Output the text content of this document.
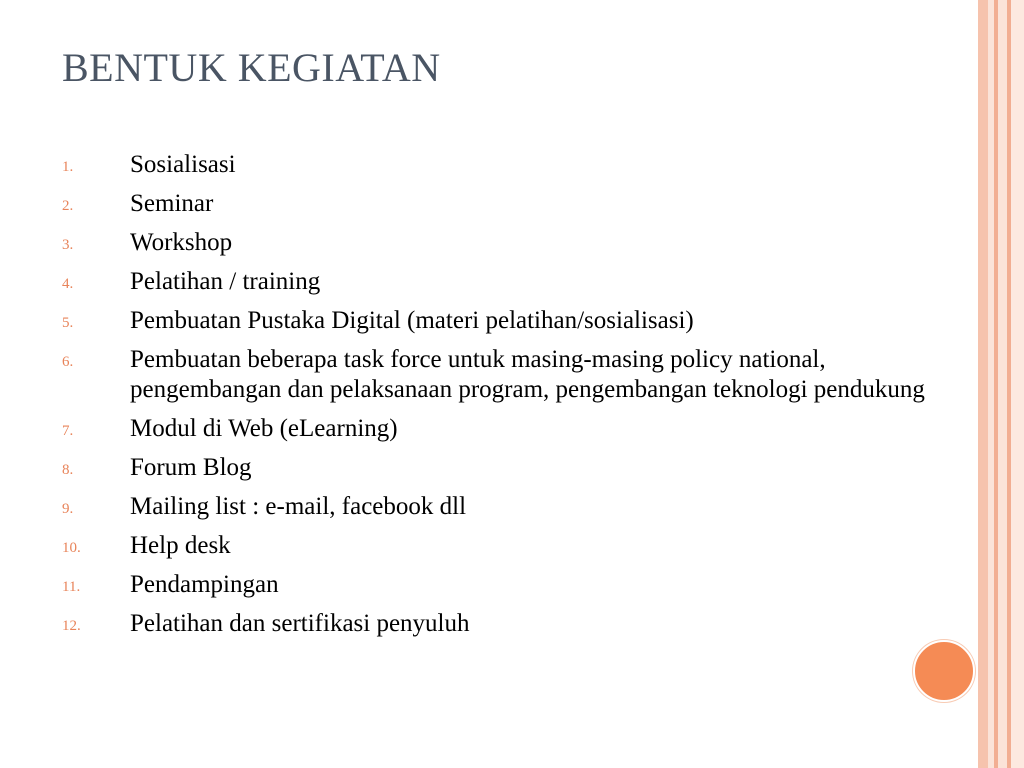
BENTUK KEGIATAN
1.	Sosialisasi
2.	Seminar
3.	Workshop
4.	Pelatihan / training
5.	Pembuatan Pustaka Digital (materi pelatihan/sosialisasi)
6.	Pembuatan beberapa task force untuk masing-masing policy national, pengembangan dan pelaksanaan program, pengembangan teknologi pendukung
7.	Modul di Web (eLearning)
8.	Forum Blog
9.	Mailing list : e-mail, facebook dll
10.	Help desk
11.	Pendampingan
12.	Pelatihan dan sertifikasi penyuluh
